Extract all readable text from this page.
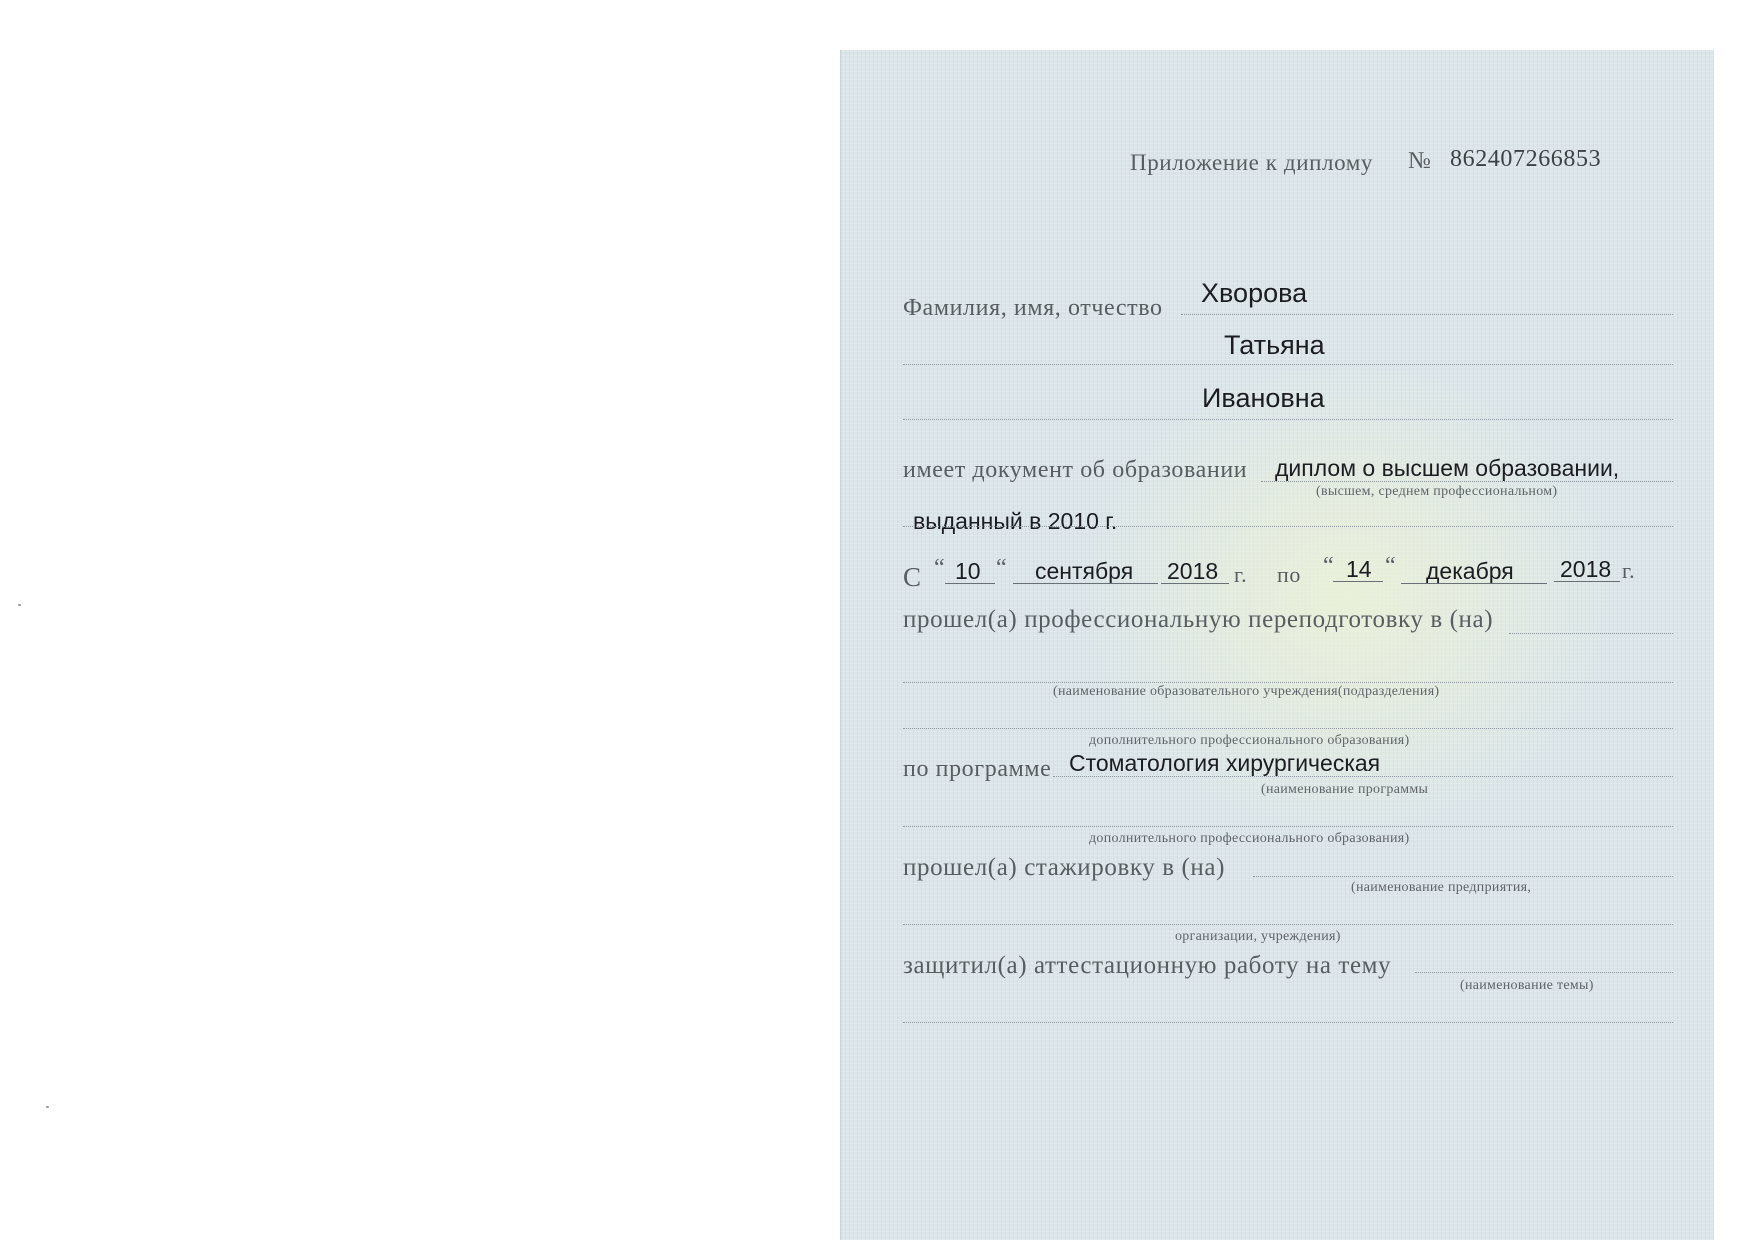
Приложение к диплому № 862407266853
Фамилия, имя, отчество Хворова
Татьяна
Ивановна
имеет документ об образовании диплом о высшем образовании,
(высшем, среднем профессиональном)
выданный в 2010 г.
С “ 10 “ сентября 2018 г. по “ 14 “ декабря 2018 г.
прошел(а) профессиональную переподготовку в (на)
(наименование образовательного учреждения(подразделения)
дополнительного профессионального образования)
по программе Стоматология хирургическая
(наименование программы
дополнительного профессионального образования)
прошел(а) стажировку в (на)
(наименование предприятия,
организации, учреждения)
защитил(а) аттестационную работу на тему
(наименование темы)
